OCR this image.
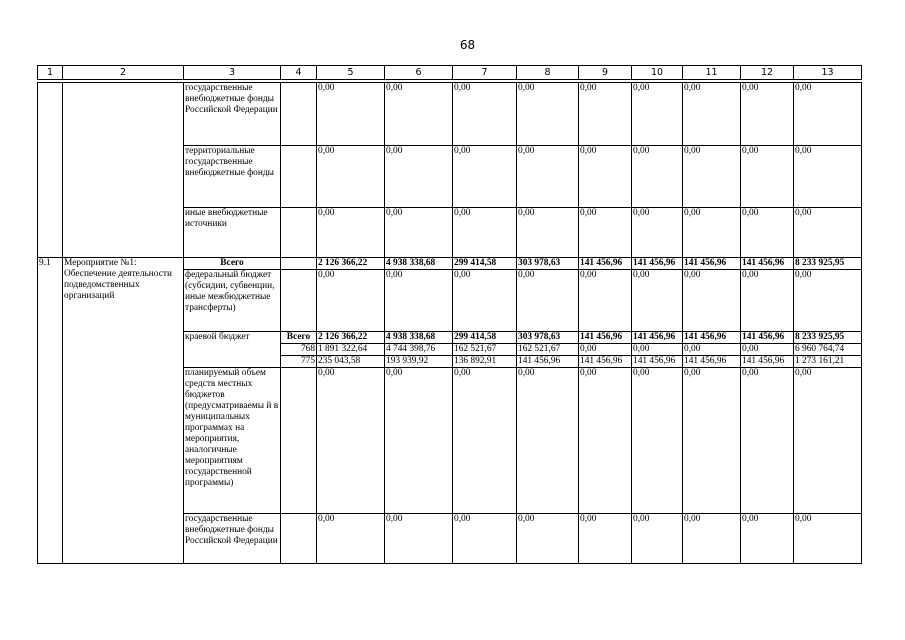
68
1	2	3	4	5	6	7	8	9	10	11	12	13
		государственные внебюджетные фонды Российской Федерации		0,00	0,00	0,00	0,00	0,00	0,00	0,00	0,00	0,00
		территориальные государственные внебюджетные фонды		0,00	0,00	0,00	0,00	0,00	0,00	0,00	0,00	0,00
		иные внебюджетные источники		0,00	0,00	0,00	0,00	0,00	0,00	0,00	0,00	0,00
9.1	Мероприятие №1: Обеспечение деятельности подведомственных организаций	Всего		2 126 366,22	4 938 338,68	299 414,58	303 978,63	141 456,96	141 456,96	141 456,96	141 456,96	8 233 925,95
		федеральный бюджет (субсидии, субвенции, иные межбюджетные трансферты)		0,00	0,00	0,00	0,00	0,00	0,00	0,00	0,00	0,00
		краевой бюджет	Всего	2 126 366,22	4 938 338,68	299 414,58	303 978,63	141 456,96	141 456,96	141 456,96	141 456,96	8 233 925,95
			768	1 891 322,64	4 744 398,76	162 521,67	162 521,67	0,00	0,00	0,00	0,00	6 960 764,74
			775	235 043,58	193 939,92	136 892,91	141 456,96	141 456,96	141 456,96	141 456,96	141 456,96	1 273 161,21
		планируемый объем средств местных бюджетов (предусматриваемы й в муниципальных программах на мероприятия, аналогичные мероприятиям государственной программы)		0,00	0,00	0,00	0,00	0,00	0,00	0,00	0,00	0,00
		государственные внебюджетные фонды Российской Федерации		0,00	0,00	0,00	0,00	0,00	0,00	0,00	0,00	0,00
